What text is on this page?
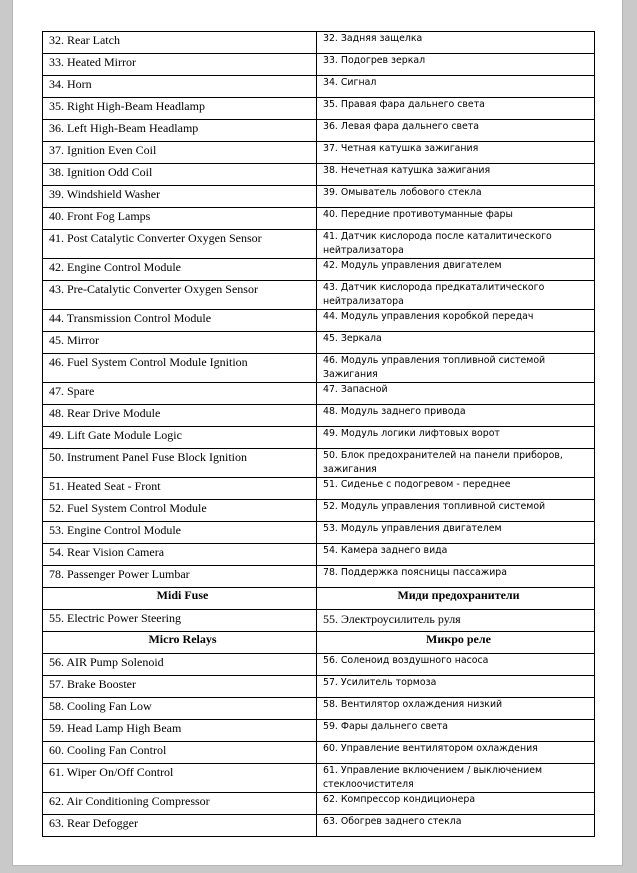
32. Rear Latch	32. Задняя защелка
33. Heated Mirror	33. Подогрев зеркал
34. Horn	34. Сигнал
35. Right High-Beam Headlamp	35. Правая фара дальнего света
36. Left High-Beam Headlamp	36. Левая фара дальнего света
37. Ignition Even Coil	37. Четная катушка зажигания
38. Ignition Odd Coil	38. Нечетная катушка зажигания
39. Windshield Washer	39. Омыватель лобового стекла
40. Front Fog Lamps	40. Передние противотуманные фары
41. Post Catalytic Converter Oxygen Sensor	41. Датчик кислорода после каталитического нейтрализатора
42. Engine Control Module	42. Модуль управления двигателем
43. Pre-Catalytic Converter Oxygen Sensor	43. Датчик кислорода предкаталитического нейтрализатора
44. Transmission Control Module	44. Модуль управления коробкой передач
45. Mirror	45. Зеркала
46. Fuel System Control Module Ignition	46. Модуль управления топливной системой Зажигания
47. Spare	47. Запасной
48. Rear Drive Module	48. Модуль заднего привода
49. Lift Gate Module Logic	49. Модуль логики лифтовых ворот
50. Instrument Panel Fuse Block Ignition	50. Блок предохранителей на панели приборов, зажигания
51. Heated Seat - Front	51. Сиденье с подогревом - переднее
52. Fuel System Control Module	52. Модуль управления топливной системой
53. Engine Control Module	53. Модуль управления двигателем
54. Rear Vision Camera	54. Камера заднего вида
78. Passenger Power Lumbar	78. Поддержка поясницы пассажира
Midi Fuse	Миди предохранители
55. Electric Power Steering	55. Электроусилитель руля
Micro Relays	Микро реле
56. AIR Pump Solenoid	56. Соленоид воздушного насоса
57. Brake Booster	57. Усилитель тормоза
58. Cooling Fan Low	58. Вентилятор охлаждения низкий
59. Head Lamp High Beam	59. Фары дальнего света
60. Cooling Fan Control	60. Управление вентилятором охлаждения
61. Wiper On/Off Control	61. Управление включением / выключением стеклоочистителя
62. Air Conditioning Compressor	62. Компрессор кондиционера
63. Rear Defogger	63. Обогрев заднего стекла
